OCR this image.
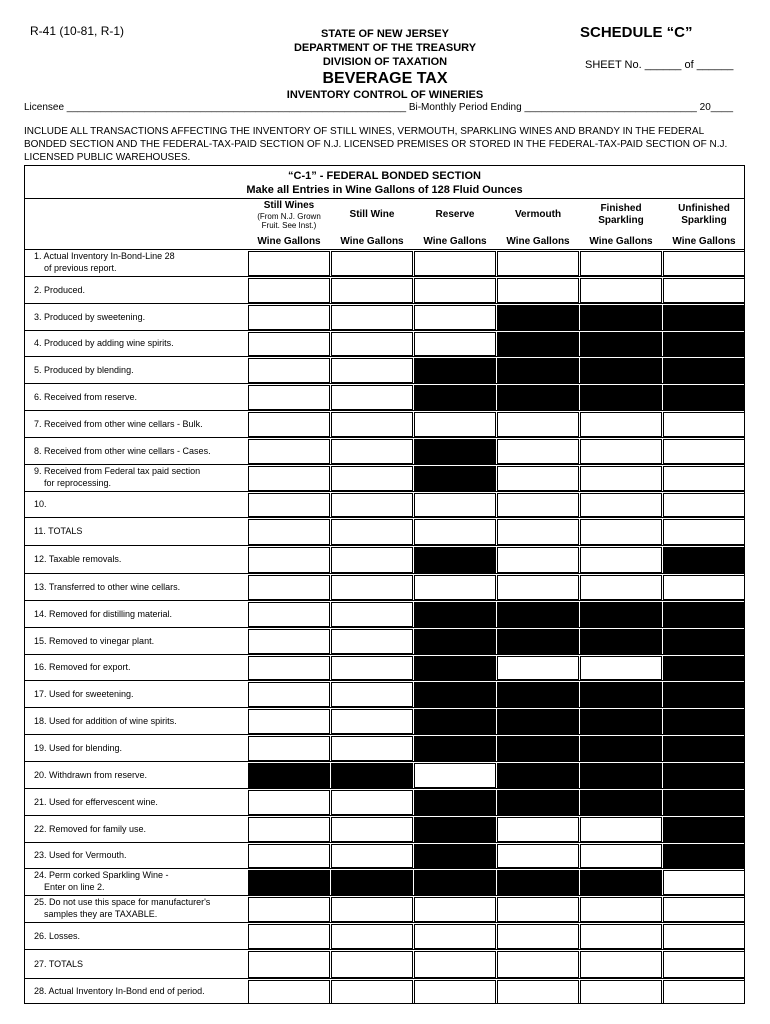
R-41 (10-81, R-1)	STATE OF NEW JERSEY
DEPARTMENT OF THE TREASURY
DIVISION OF TAXATION
BEVERAGE TAX
INVENTORY CONTROL OF WINERIES
SCHEDULE “C”
SHEET No. ______ of ______
Licensee _____________________________________________________________ Bi-Monthly Period Ending _______________________________ 20____
INCLUDE ALL TRANSACTIONS AFFECTING THE INVENTORY OF STILL WINES, VERMOUTH, SPARKLING WINES AND BRANDY IN THE FEDERAL BONDED SECTION AND THE FEDERAL-TAX-PAID SECTION OF N.J. LICENSED PREMISES OR STORED IN THE FEDERAL-TAX-PAID SECTION OF N.J. LICENSED PUBLIC WAREHOUSES.
“C-1” - FEDERAL BONDED SECTION
Make all Entries in Wine Gallons of 128 Fluid Ounces
Still Wines
(From N.J. Grown Fruit. See Inst.)
Wine Gallons
Still Wine
Wine Gallons
Reserve
Wine Gallons
Vermouth
Wine Gallons
Finished
Sparkling
Wine Gallons
Unfinished
Sparkling
Wine Gallons
1. Actual Inventory In-Bond-Line 28
of previous report.
2. Produced.
3. Produced by sweetening.
4. Produced by adding wine spirits.
5. Produced by blending.
6. Received from reserve.
7. Received from other wine cellars - Bulk.
8. Received from other wine cellars - Cases.
9. Received from Federal tax paid section
for reprocessing.
10.
11. TOTALS
12. Taxable removals.
13. Transferred to other wine cellars.
14. Removed for distilling material.
15. Removed to vinegar plant.
16. Removed for export.
17. Used for sweetening.
18. Used for addition of wine spirits.
19. Used for blending.
20. Withdrawn from reserve.
21. Used for effervescent wine.
22. Removed for family use.
23. Used for Vermouth.
24. Perm corked Sparkling Wine -
Enter on line 2.
25. Do not use this space for manufacturer's
samples they are TAXABLE.
26. Losses.
27. TOTALS
28. Actual Inventory In-Bond end of period.
